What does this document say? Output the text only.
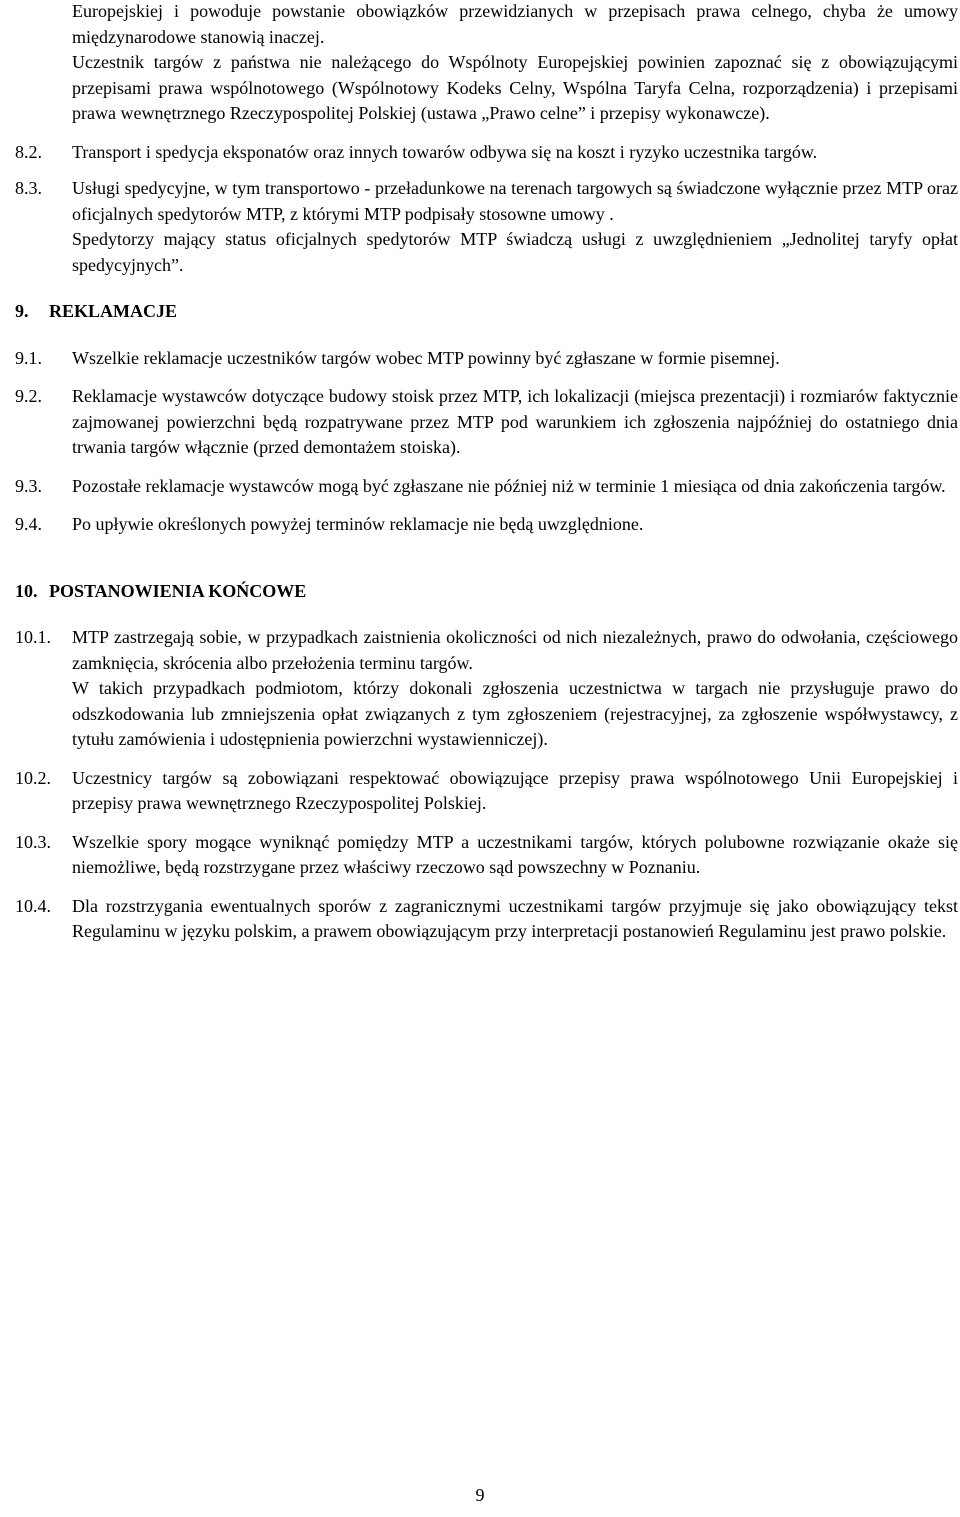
Europejskiej i powoduje powstanie obowiązków przewidzianych w przepisach prawa celnego, chyba że umowy międzynarodowe stanowią inaczej.

Uczestnik targów z państwa nie należącego do Wspólnoty Europejskiej powinien zapoznać się z obowiązującymi przepisami prawa wspólnotowego (Wspólnotowy Kodeks Celny, Wspólna Taryfa Celna, rozporządzenia) i przepisami prawa wewnętrznego Rzeczypospolitej Polskiej (ustawa „Prawo celne” i przepisy wykonawcze).

8.2. Transport i spedycja eksponatów oraz innych towarów odbywa się na koszt i ryzyko uczestnika targów.

8.3. Usługi spedycyjne, w tym transportowo - przeładunkowe na terenach targowych są świadczone wyłącznie przez MTP oraz oficjalnych spedytorów MTP, z którymi MTP podpisały stosowne umowy .

Spedytorzy mający status oficjalnych spedytorów MTP świadczą usługi z uwzględnieniem „Jednolitej taryfy opłat spedycyjnych”.

9. REKLAMACJE
9.1. Wszelkie reklamacje uczestników targów wobec MTP powinny być zgłaszane w formie pisemnej.

9.2. Reklamacje wystawców dotyczące budowy stoisk przez MTP, ich lokalizacji (miejsca prezentacji) i rozmiarów faktycznie zajmowanej powierzchni będą rozpatrywane przez MTP pod warunkiem ich zgłoszenia najpóźniej do ostatniego dnia trwania targów włącznie (przed demontażem stoiska).

9.3. Pozostałe reklamacje wystawców mogą być zgłaszane nie później niż w terminie 1 miesiąca od dnia zakończenia targów.

9.4. Po upływie określonych powyżej terminów reklamacje nie będą uwzględnione.

10. POSTANOWIENIA KOŃCOWE
10.1. MTP zastrzegają sobie, w przypadkach zaistnienia okoliczności od nich niezależnych, prawo do odwołania, częściowego zamknięcia, skrócenia albo przełożenia terminu targów.

W takich przypadkach podmiotom, którzy dokonali zgłoszenia uczestnictwa w targach nie przysługuje prawo do odszkodowania lub zmniejszenia opłat związanych z tym zgłoszeniem (rejestracyjnej, za zgłoszenie współwystawcy, z tytułu zamówienia i udostępnienia powierzchni wystawienniczej).

10.2. Uczestnicy targów są zobowiązani respektować obowiązujące przepisy prawa wspólnotowego Unii Europejskiej i przepisy prawa wewnętrznego Rzeczypospolitej Polskiej.

10.3. Wszelkie spory mogące wyniknąć pomiędzy MTP a uczestnikami targów, których polubowne rozwiązanie okaże się niemożliwe, będą rozstrzygane przez właściwy rzeczowo sąd powszechny w Poznaniu.

10.4. Dla rozstrzygania ewentualnych sporów z zagranicznymi uczestnikami targów przyjmuje się jako obowiązujący tekst Regulaminu w języku polskim, a prawem obowiązującym przy interpretacji postanowień Regulaminu jest prawo polskie.

9
